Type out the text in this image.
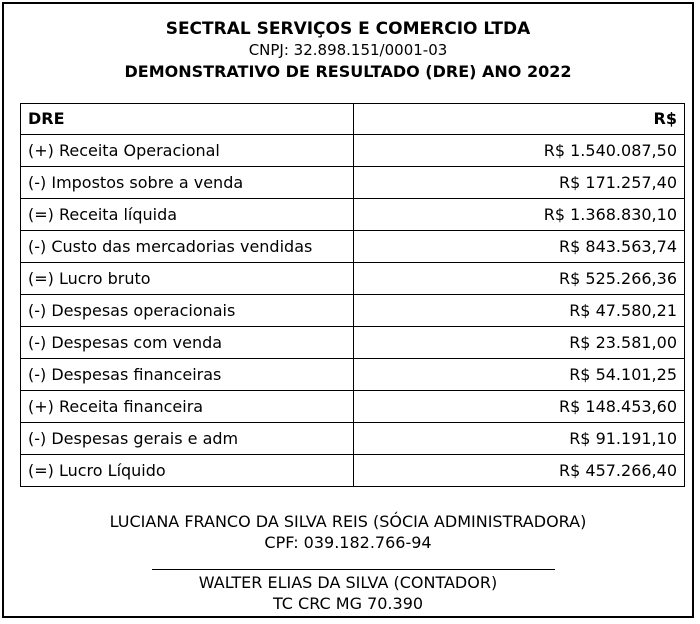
SECTRAL SERVIÇOS E COMERCIO LTDA
CNPJ: 32.898.151/0001-03
DEMONSTRATIVO DE RESULTADO (DRE) ANO 2022
DRE	R$
(+) Receita Operacional	R$ 1.540.087,50
(-) Impostos sobre a venda	R$ 171.257,40
(=) Receita líquida	R$ 1.368.830,10
(-) Custo das mercadorias vendidas	R$ 843.563,74
(=) Lucro bruto	R$ 525.266,36
(-) Despesas operacionais	R$ 47.580,21
(-) Despesas com venda	R$ 23.581,00
(-) Despesas financeiras	R$ 54.101,25
(+) Receita financeira	R$ 148.453,60
(-) Despesas gerais e adm	R$ 91.191,10
(=) Lucro Líquido	R$ 457.266,40
LUCIANA FRANCO DA SILVA REIS (SÓCIA ADMINISTRADORA)
CPF: 039.182.766-94
WALTER ELIAS DA SILVA (CONTADOR)
TC CRC MG 70.390
